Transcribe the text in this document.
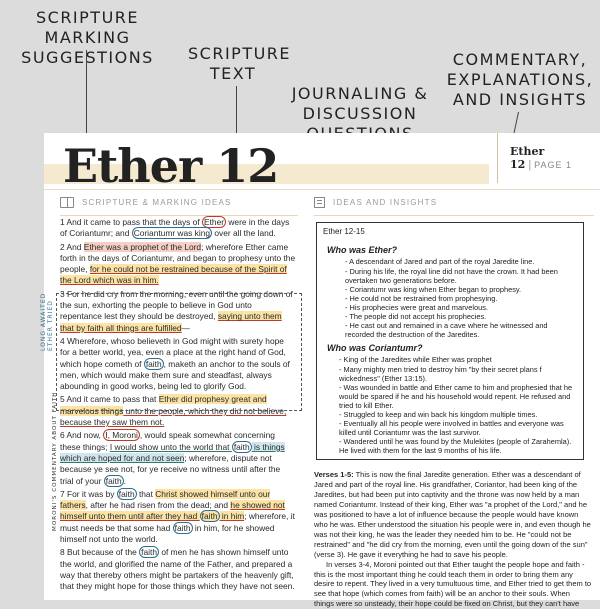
SCRIPTURE MARKING
SUGGESTIONS	SCRIPTURE
TEXT
JOURNALING &
DISCUSSION
COMMENTARY,
EXPLANATIONS,
AND INSIGHTS
Ether 12	Ether 12 | PAGE 1
SCRIPTURE & MARKING IDEAS	IDEAS AND INSIGHTS
LONG AWAITED ETHER TRIED
MORONI'S COMMENTARY ABOUT FAITH
1 And it came to pass that the days of Ether were in the days of Coriantumr; and Coriantumr was king over all the land.
2 And Ether was a prophet of the Lord; wherefore Ether came forth in the days of Coriantumr, and began to prophesy unto the people, for he could not be restrained because of the Spirit of the Lord which was in him.
3 For he did cry from the morning, even until the going down of the sun, exhorting the people to believe in God unto repentance lest they should be destroyed, saying unto them that by faith all things are fulfilled—
4 Wherefore, whoso believeth in God might with surety hope for a better world, yea, even a place at the right hand of God, which hope cometh of faith , maketh an anchor to the souls of men, which would make them sure and steadfast, always abounding in good works, being led to glorify God.
5 And it came to pass that Ether did prophesy great and marvelous things unto the people, which they did not believe, because they saw them not.
6 And now, I, Moroni , would speak somewhat concerning these things; I would show unto the world that faith is things which are hoped for and not seen; wherefore, dispute not because ye see not, for ye receive no witness until after the trial of your faith .
7 For it was by faith that Christ showed himself unto our fathers, after he had risen from the dead; and he showed not himself unto them until after they had faith in him; wherefore, it must needs be that some had faith in him, for he showed himself not unto the world.
8 But because of the faith of men he has shown himself unto the world, and glorified the name of the Father, and prepared a way that thereby others might be partakers of the heavenly gift, that they might hope for those things which they have not seen.
Ether 12-15
Who was Ether?
- A descendant of Jared and part of the royal Jaredite line.
- During his life, the royal line did not have the crown. It had been overtaken two generations before.
- Coriantumr was king when Ether began to prophesy.
- He could not be restrained from prophesying.
- His prophecies were great and marvelous.
- The people did not accept his prophecies.
- He cast out and remained in a cave where he witnessed and recorded the destruction of the Jaredites.
Who was Coriantumr?
- King of the Jaredites while Ether was prophet
- Many mighty men tried to destroy him "by their secret plans f wickedness" (Ether 13:15).
- Was wounded in battle and Ether came to him and prophesied that he would be spared if he and his household would repent. He refused and tried to kill Ether.
- Struggled to keep and win back his kingdom multiple times.
- Eventually all his people were involved in battles and everyone was killed until Coriantumr was the last survivor.
- Wandered until he was found by the Mulekites (people of Zarahemla). He lived with them for the last 9 months of his life.
Verses 1-5: This is now the final Jaredite generation. Ether was a descendant of Jared and part of the royal line. His grandfather, Coriantor, had been king of the Jaredites, but had been put into captivity and the throne was now held by a man named Coriantumr. Instead of their king, Ether was "a prophet of the Lord," and he was positioned to have a lot of influence because the people would have known who he was. Ether understood the situation his people were in, and even though he was not their king, he was the leader they needed him to be. He "could not be restrained" and "he did cry from the morning, even until the going down of the sun" (verse 3). He gave it everything he had to save his people.
In verses 3-4, Moroni pointed out that Ether taught the people hope and faith - this is the most important thing he could teach them in order to bring them any desire to repent. They lived in a very tumultuous time, and Ether tried to get them to see that hope (which comes from faith) will be an anchor to their souls. When things were so unsteady, their hope could be fixed on Christ, but they can't have
